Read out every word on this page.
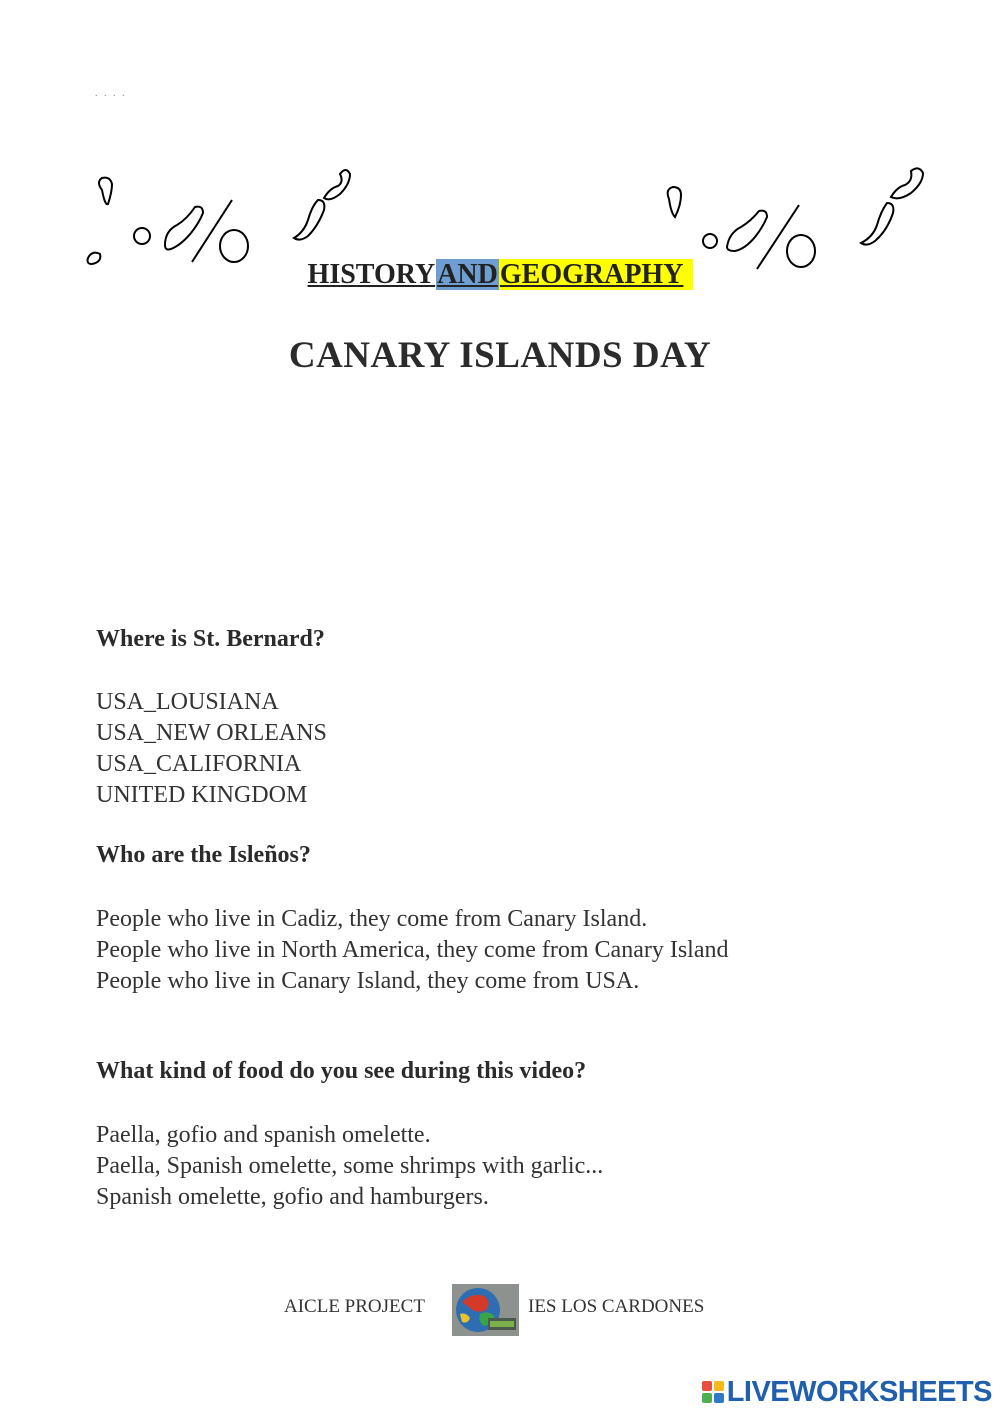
. . . .
HISTORYANDGEOGRAPHY
CANARY ISLANDS DAY
Where is St. Bernard?
USA_LOUSIANA
USA_NEW ORLEANS
USA_CALIFORNIA
UNITED KINGDOM
Who are the Isleños?
People who live in Cadiz, they come from Canary Island.
People who live in North America, they come from Canary Island
People who live in Canary Island, they come from USA.
What kind of food do you see during this video?
Paella, gofio and spanish omelette.
Paella, Spanish omelette, some shrimps with garlic...
Spanish omelette, gofio and hamburgers.
AICLE PROJECT	IES LOS CARDONES
LIVEWORKSHEETS
